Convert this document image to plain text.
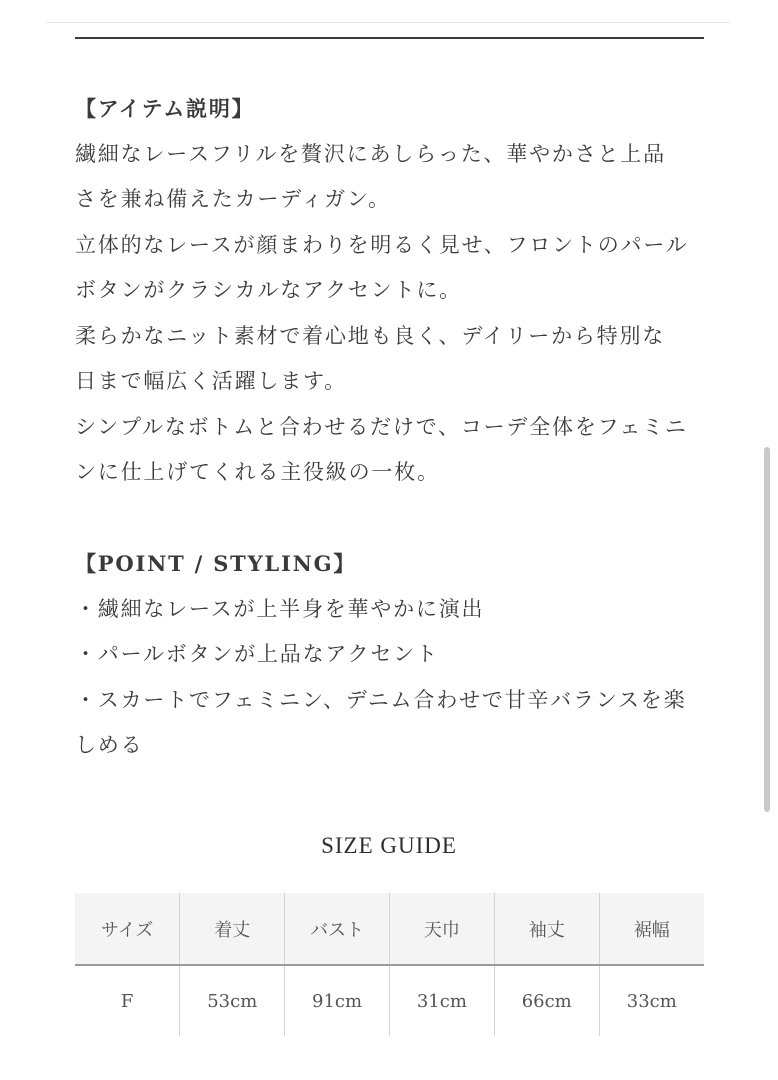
【アイテム説明】
繊細なレースフリルを贅沢にあしらった、華やかさと上品
さを兼ね備えたカーディガン。
立体的なレースが顔まわりを明るく見せ、フロントのパール
ボタンがクラシカルなアクセントに。
柔らかなニット素材で着心地も良く、デイリーから特別な
日まで幅広く活躍します。
シンプルなボトムと合わせるだけで、コーデ全体をフェミニ
ンに仕上げてくれる主役級の一枚。
【POINT / STYLING】
・繊細なレースが上半身を華やかに演出
・パールボタンが上品なアクセント
・スカートでフェミニン、デニム合わせで甘辛バランスを楽
しめる
SIZE GUIDE
サイズ	着丈	バスト	天巾	袖丈	裾幅
F	53cm	91cm	31cm	66cm	33cm
